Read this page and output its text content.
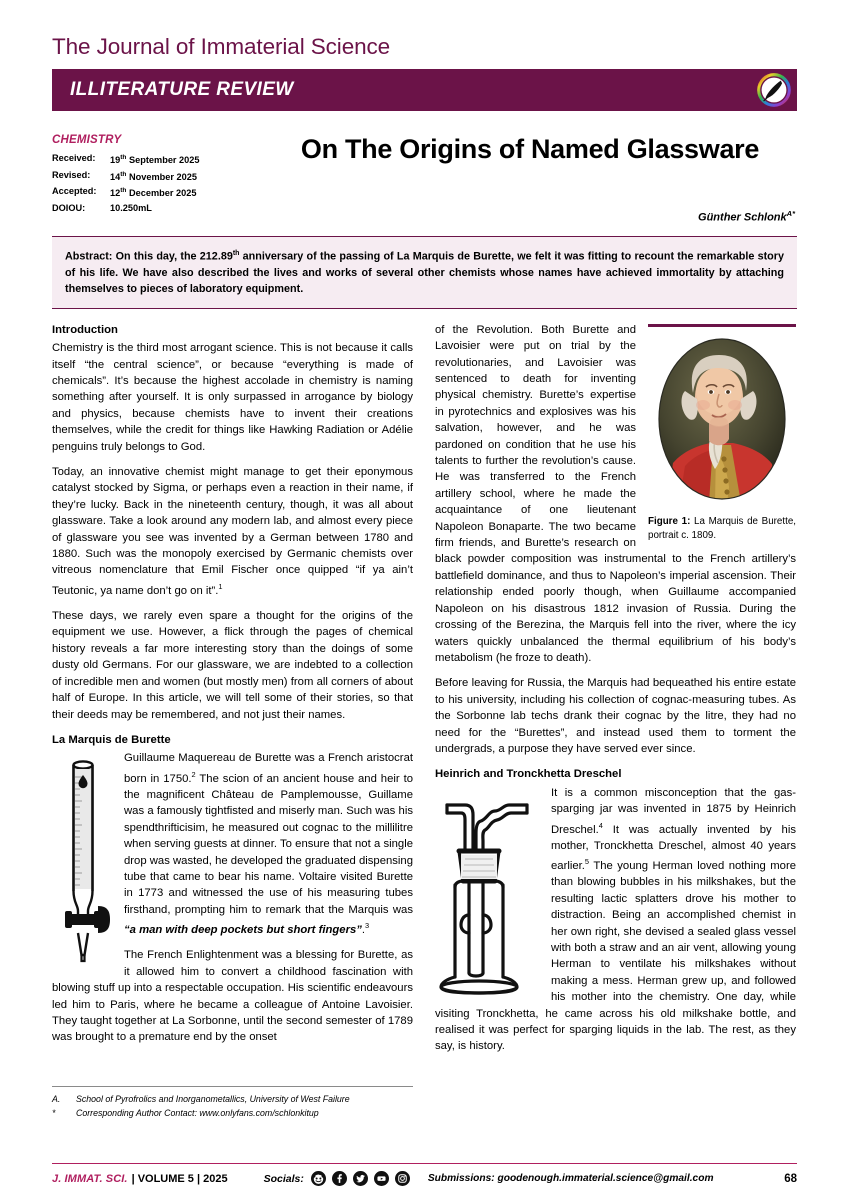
The Journal of Immaterial Science
ILLITERATURE REVIEW
CHEMISTRY
Received:	19th September 2025
Revised:	14th November 2025
Accepted:	12th December 2025
DOIOU:	10.250mL
On The Origins of Named Glassware
Günther Schlonk$^{A*}$
Abstract: On this day, the 212.89th anniversary of the passing of La Marquis de Burette, we felt it was fitting to recount the remarkable story of his life. We have also described the lives and works of several other chemists whose names have achieved immortality by attaching themselves to pieces of laboratory equipment.
Introduction

Chemistry is the third most arrogant science. This is not because it calls itself “the central science”, or because “everything is made of chemicals”. It’s because the highest accolade in chemistry is naming something after yourself. It is only surpassed in arrogance by biology and physics, because chemists have to invent their creations themselves, while the credit for things like Hawking Radiation or Adélie penguins truly belongs to God.

Today, an innovative chemist might manage to get their eponymous catalyst stocked by Sigma, or perhaps even a reaction in their name, if they’re lucky. Back in the nineteenth century, though, it was all about glassware. Take a look around any modern lab, and almost every piece of glassware you see was invented by a German between 1780 and 1880. Such was the monopoly exercised by Germanic chemists over vitreous nomenclature that Emil Fischer once quipped “if ya ain’t Teutonic, ya name don’t go on it”.$^1$

These days, we rarely even spare a thought for the origins of the equipment we use. However, a flick through the pages of chemical history reveals a far more interesting story than the doings of some dusty old Germans. For our glassware, we are indebted to a collection of incredible men and women (but mostly men) from all corners of about half of Europe. In this article, we will tell some of their stories, so that their deeds may be remembered, and not just their names.

La Marquis de Burette

Guillaume Maquereau de Burette was a French aristocrat born in 1750.$^2$ The scion of an ancient house and heir to the magnificent Château de Pamplemousse, Guillame was a famously tightfisted and miserly man. Such was his spendthrifticisim, he measured out cognac to the millilitre when serving guests at dinner. To ensure that not a single drop was wasted, he developed the graduated dispensing tube that came to bear his name. Voltaire visited Burette in 1773 and witnessed the use of his measuring tubes firsthand, prompting him to remark that the Marquis was “a man with deep pockets but short fingers”.$^3$

The French Enlightenment was a blessing for Burette, as it allowed him to convert a childhood fascination with blowing stuff up into a respectable occupation. His scientific endeavours led him to Paris, where he became a colleague of Antoine Lavoisier. They taught together at La Sorbonne, until the second semester of 1789 was brought to a premature end by the onset

Figure 1: La Marquis de Burette, portrait c. 1809.

of the Revolution. Both Burette and Lavoisier were put on trial by the revolutionaries, and Lavoisier was sentenced to death for inventing physical chemistry. Burette’s expertise in pyrotechnics and explosives was his salvation, however, and he was pardoned on condition that he use his talents to further the revolution’s cause. He was transferred to the French artillery school, where he made the acquaintance of one lieutenant Napoleon Bonaparte. The two became firm friends, and Burette’s research on black powder composition was instrumental to the French artillery’s battlefield dominance, and thus to Napoleon’s imperial ascension. Their relationship ended poorly though, when Guillaume accompanied Napoleon on his disastrous 1812 invasion of Russia. During the crossing of the Berezina, the Marquis fell into the river, where the icy waters quickly unbalanced the thermal equilibrium of his body’s metabolism (he froze to death).

Before leaving for Russia, the Marquis had bequeathed his entire estate to his university, including his collection of cognac-measuring tubes. As the Sorbonne lab techs drank their cognac by the litre, they had no need for the “Burettes”, and instead used them to torment the undergrads, a purpose they have served ever since.

Heinrich and Tronckhetta Dreschel

It is a common misconception that the gas-sparging jar was invented in 1875 by Heinrich Dreschel.$^4$ It was actually invented by his mother, Tronckhetta Dreschel, almost 40 years earlier.$^5$ The young Herman loved nothing more than blowing bubbles in his milkshakes, but the resulting lactic splatters drove his mother to distraction. Being an accomplished chemist in her own right, she devised a sealed glass vessel with both a straw and an air vent, allowing young Herman to ventilate his milkshakes without making a mess. Herman grew up, and followed his mother into the chemistry. One day, while visiting Tronckhetta, he came across his old milkshake bottle, and realised it was perfect for sparging liquids in the lab. The rest, as they say, is history.

A.	School of Pyrofrolics and Inorganometallics, University of West Failure
*	Corresponding Author Contact: www.onlyfans.com/schlonkitup
J. IMMAT. SCI. | VOLUME 5 | 2025	Socials:	Submissions: goodenough.immaterial.science@gmail.com	68
